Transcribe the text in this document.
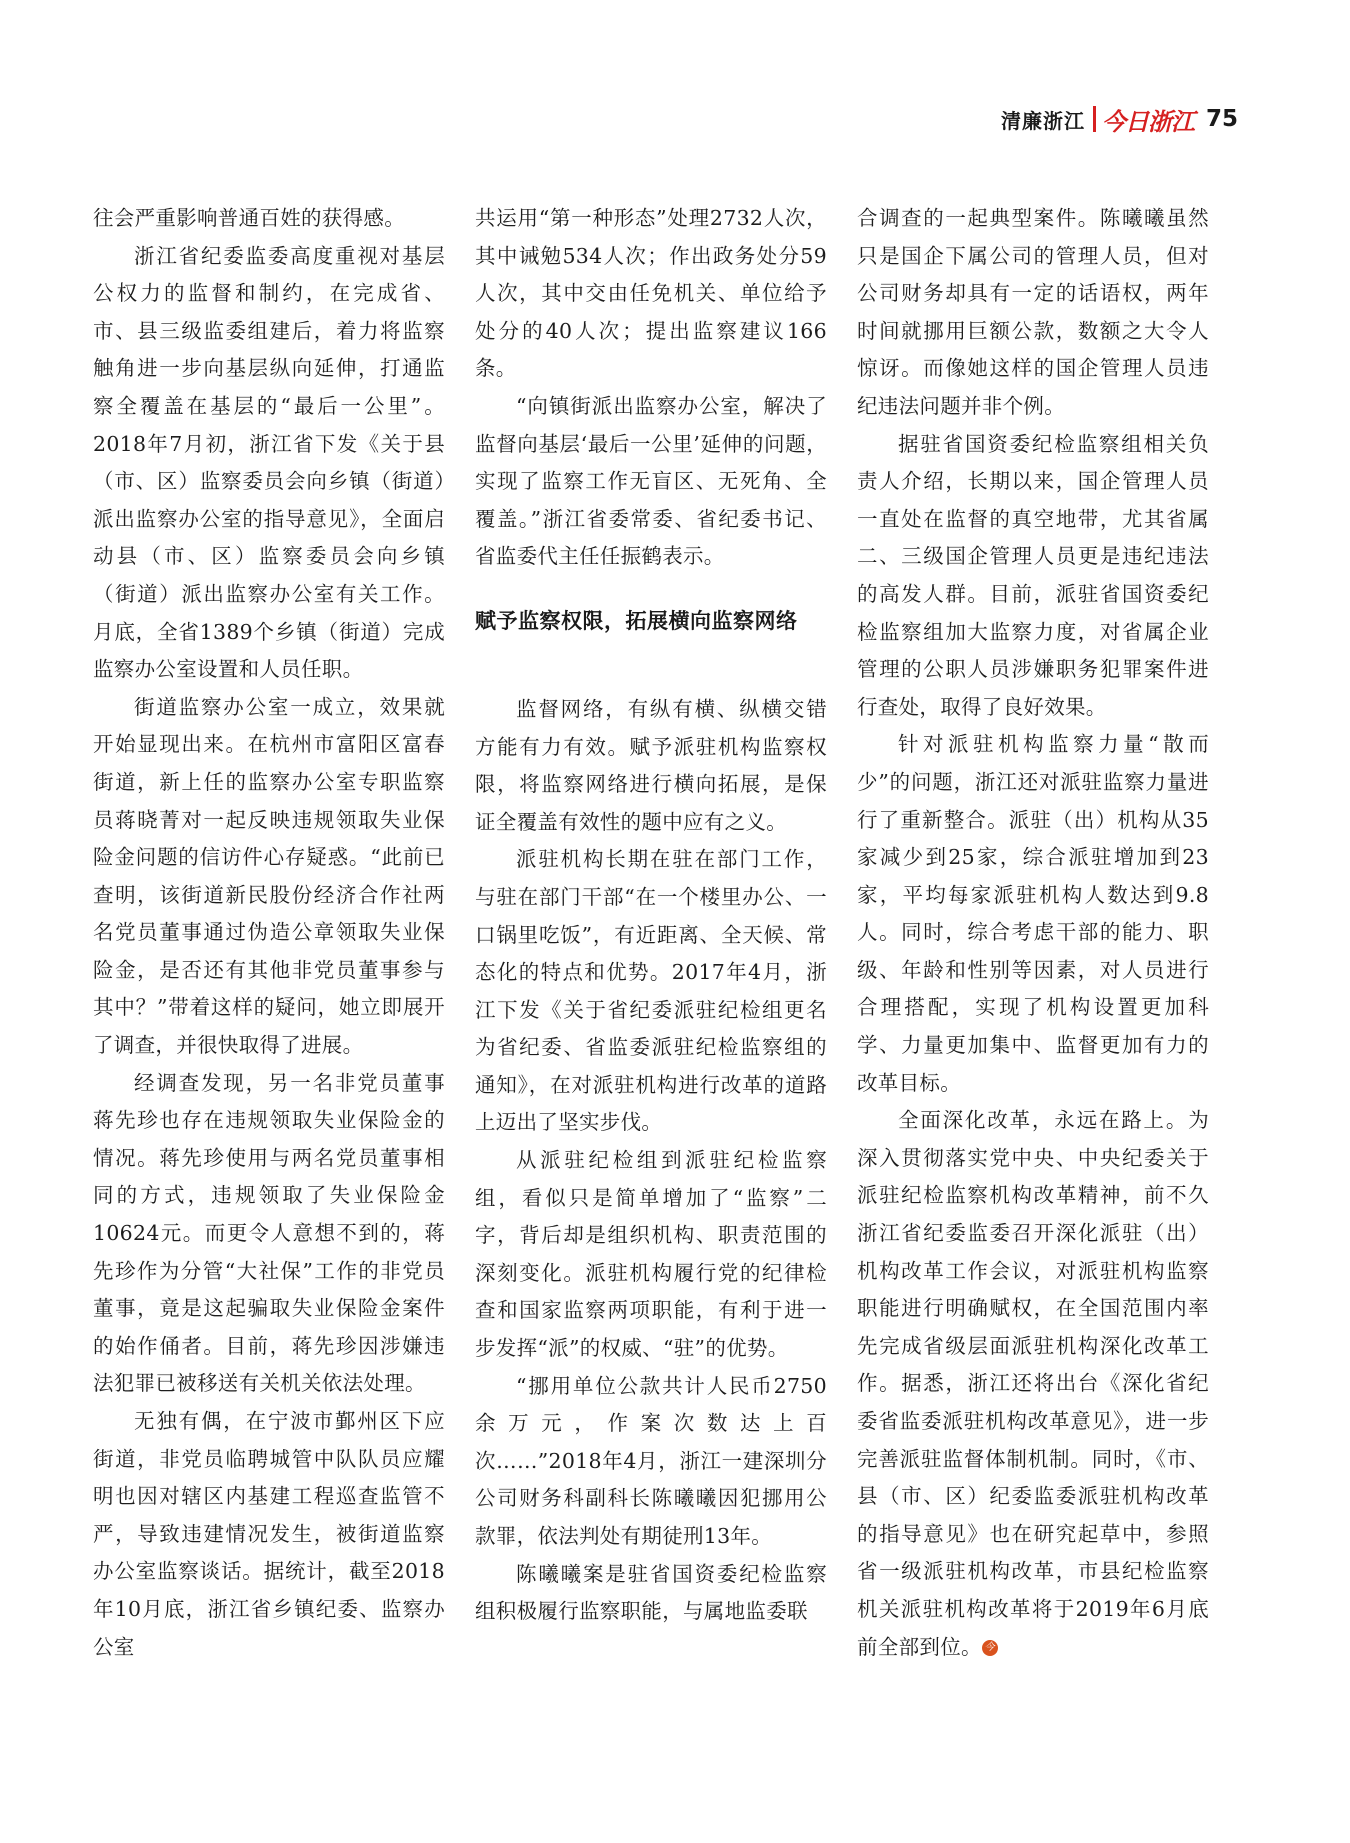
清廉浙江 今日浙江 75

往会严重影响普通百姓的获得感。

浙江省纪委监委高度重视对基层公权力的监督和制约，在完成省、市、县三级监委组建后，着力将监察触角进一步向基层纵向延伸，打通监察全覆盖在基层的“最后一公里”。2018年7月初，浙江省下发《关于县（市、区）监察委员会向乡镇（街道）派出监察办公室的指导意见》，全面启动县（市、区）监察委员会向乡镇（街道）派出监察办公室有关工作。月底，全省1389个乡镇（街道）完成监察办公室设置和人员任职。

街道监察办公室一成立，效果就开始显现出来。在杭州市富阳区富春街道，新上任的监察办公室专职监察员蒋晓菁对一起反映违规领取失业保险金问题的信访件心存疑惑。“此前已查明，该街道新民股份经济合作社两名党员董事通过伪造公章领取失业保险金，是否还有其他非党员董事参与其中？”带着这样的疑问，她立即展开了调查，并很快取得了进展。

经调查发现，另一名非党员董事蒋先珍也存在违规领取失业保险金的情况。蒋先珍使用与两名党员董事相同的方式，违规领取了失业保险金10624元。而更令人意想不到的，蒋先珍作为分管“大社保”工作的非党员董事，竟是这起骗取失业保险金案件的始作俑者。目前，蒋先珍因涉嫌违法犯罪已被移送有关机关依法处理。

无独有偶，在宁波市鄞州区下应街道，非党员临聘城管中队队员应耀明也因对辖区内基建工程巡查监管不严，导致违建情况发生，被街道监察办公室监察谈话。据统计，截至2018年10月底，浙江省乡镇纪委、监察办公室

共运用“第一种形态”处理2732人次，其中诫勉534人次；作出政务处分59人次，其中交由任免机关、单位给予处分的40人次；提出监察建议166条。

“向镇街派出监察办公室，解决了监督向基层‘最后一公里’延伸的问题，实现了监察工作无盲区、无死角、全覆盖。”浙江省委常委、省纪委书记、省监委代主任任振鹤表示。

赋予监察权限，拓展横向监察网络

监督网络，有纵有横、纵横交错方能有力有效。赋予派驻机构监察权限，将监察网络进行横向拓展，是保证全覆盖有效性的题中应有之义。

派驻机构长期在驻在部门工作，与驻在部门干部“在一个楼里办公、一口锅里吃饭”，有近距离、全天候、常态化的特点和优势。2017年4月，浙江下发《关于省纪委派驻纪检组更名为省纪委、省监委派驻纪检监察组的通知》，在对派驻机构进行改革的道路上迈出了坚实步伐。

从派驻纪检组到派驻纪检监察组，看似只是简单增加了“监察”二字，背后却是组织机构、职责范围的深刻变化。派驻机构履行党的纪律检查和国家监察两项职能，有利于进一步发挥“派”的权威、“驻”的优势。

“挪用单位公款共计人民币2750余万元，作案次数达上百次……”2018年4月，浙江一建深圳分公司财务科副科长陈曦曦因犯挪用公款罪，依法判处有期徒刑13年。

陈曦曦案是驻省国资委纪检监察组积极履行监察职能，与属地监委联

合调查的一起典型案件。陈曦曦虽然只是国企下属公司的管理人员，但对公司财务却具有一定的话语权，两年时间就挪用巨额公款，数额之大令人惊讶。而像她这样的国企管理人员违纪违法问题并非个例。

据驻省国资委纪检监察组相关负责人介绍，长期以来，国企管理人员一直处在监督的真空地带，尤其省属二、三级国企管理人员更是违纪违法的高发人群。目前，派驻省国资委纪检监察组加大监察力度，对省属企业管理的公职人员涉嫌职务犯罪案件进行查处，取得了良好效果。

针对派驻机构监察力量“散而少”的问题，浙江还对派驻监察力量进行了重新整合。派驻（出）机构从35家减少到25家，综合派驻增加到23家，平均每家派驻机构人数达到9.8人。同时，综合考虑干部的能力、职级、年龄和性别等因素，对人员进行合理搭配，实现了机构设置更加科学、力量更加集中、监督更加有力的改革目标。

全面深化改革，永远在路上。为深入贯彻落实党中央、中央纪委关于派驻纪检监察机构改革精神，前不久浙江省纪委监委召开深化派驻（出）机构改革工作会议，对派驻机构监察职能进行明确赋权，在全国范围内率先完成省级层面派驻机构深化改革工作。据悉，浙江还将出台《深化省纪委省监委派驻机构改革意见》，进一步完善派驻监督体制机制。同时，《市、县（市、区）纪委监委派驻机构改革的指导意见》也在研究起草中，参照省一级派驻机构改革，市县纪检监察机关派驻机构改革将于2019年6月底前全部到位。 今
